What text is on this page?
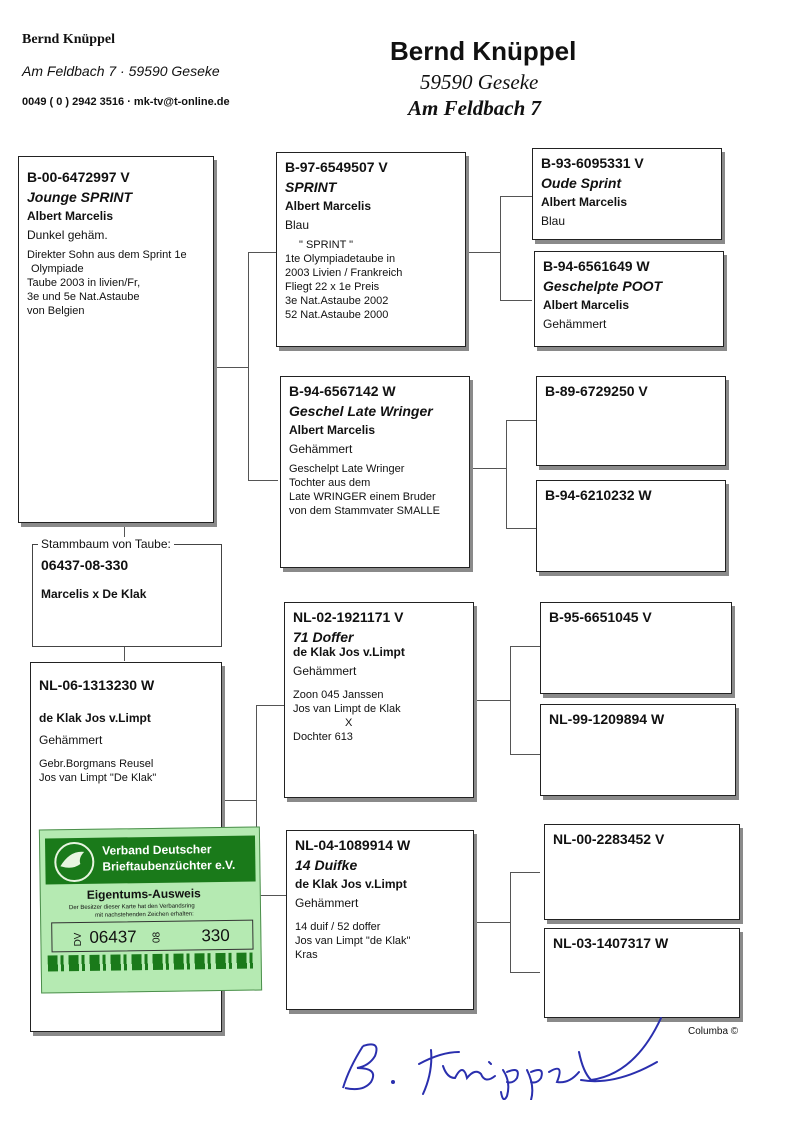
Bernd Knüppel
Am Feldbach 7 · 59590 Geseke
0049 ( 0 ) 2942 3516 · mk-tv@t-online.de
Bernd Knüppel
59590 Geseke
Am Feldbach 7
B-00-6472997 V
Jounge SPRINT
Albert Marcelis
Dunkel gehäm.
Direkter Sohn aus dem Sprint 1e
Olympiade
Taube 2003 in livien/Fr,
3e und 5e Nat.Astaube
von Belgien
B-97-6549507 V
SPRINT
Albert Marcelis
Blau
" SPRINT "
1te Olympiadetaube in
2003 Livien / Frankreich
Fliegt 22 x 1e Preis
3e Nat.Astaube 2002
52 Nat.Astaube 2000
B-93-6095331 V
Oude Sprint
Albert Marcelis
Blau
B-94-6561649 W
Geschelpte POOT
Albert Marcelis
Gehämmert
B-94-6567142 W
Geschel Late Wringer
Albert Marcelis
Gehämmert
Geschelpt Late Wringer
Tochter aus dem
Late WRINGER einem Bruder
von dem Stammvater SMALLE
B-89-6729250 V
B-94-6210232 W
06437-08-330
Marcelis x De Klak
Stammbaum von Taube:
NL-06-1313230 W
de Klak Jos v.Limpt
Gehämmert
Gebr.Borgmans Reusel
Jos van Limpt "De Klak"
NL-02-1921171 V
71 Doffer
de Klak Jos v.Limpt
Gehämmert
Zoon 045 Janssen
Jos van Limpt de Klak
X
Dochter 613
B-95-6651045 V
NL-99-1209894 W
NL-04-1089914 W
14 Duifke
de Klak Jos v.Limpt
Gehämmert
14 duif / 52 doffer
Jos van Limpt "de Klak"
Kras
NL-00-2283452 V
NL-03-1407317 W
Verband Deutscher
Brieftaubenzüchter e.V.
Eigentums-Ausweis
Der Besitzer dieser Karte hat den Verbandsring
mit nachstehenden Zeichen erhalten:
DV 06437 08 330
Columba ©
